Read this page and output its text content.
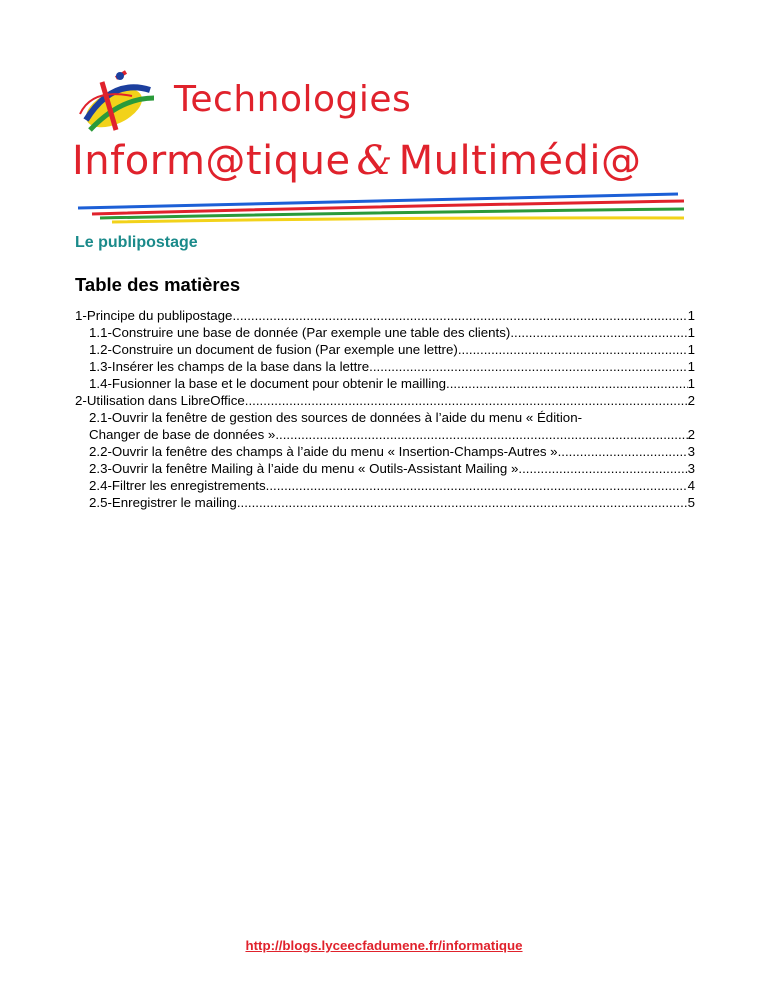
Technologies
Inform@tique & Multimédi@
Le publipostage
Table des matières
1-Principe du publipostage .....	1
1.1-Construire une base de donnée (Par exemple une table des clients) .....	1
1.2-Construire un document de fusion (Par exemple une lettre) .....	1
1.3-Insérer les champs de la base dans la lettre .....	1
1.4-Fusionner la base et le document pour obtenir le mailling .....	1
2-Utilisation dans LibreOffice .....	2
2.1-Ouvrir la fenêtre de gestion des sources de données à l’aide du menu « Édition-
Changer de base de données » .....	2
2.2-Ouvrir la fenêtre des champs à l’aide du menu « Insertion-Champs-Autres » .....	3
2.3-Ouvrir la fenêtre Mailing à l’aide du menu « Outils-Assistant Mailing » .....	3
2.4-Filtrer les enregistrements .....	4
2.5-Enregistrer le mailing .....	5
http://blogs.lyceecfadumene.fr/informatique
